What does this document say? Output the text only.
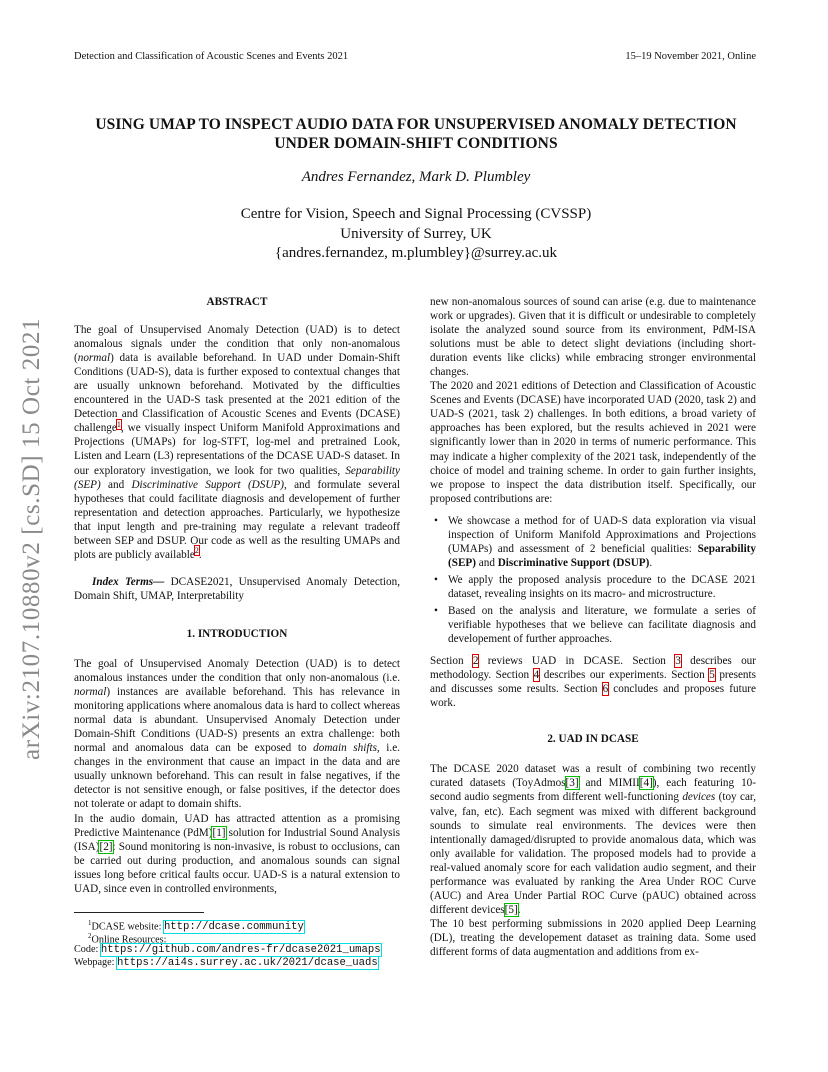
Detection and Classification of Acoustic Scenes and Events 2021	15–19 November 2021, Online
USING UMAP TO INSPECT AUDIO DATA FOR UNSUPERVISED ANOMALY DETECTION
UNDER DOMAIN-SHIFT CONDITIONS
Andres Fernandez, Mark D. Plumbley
Centre for Vision, Speech and Signal Processing (CVSSP)
University of Surrey, UK
{andres.fernandez, m.plumbley}@surrey.ac.uk
arXiv:2107.10880v2 [cs.SD] 15 Oct 2021

ABSTRACT

The goal of Unsupervised Anomaly Detection (UAD) is to detect anomalous signals under the condition that only non-anomalous (normal) data is available beforehand. In UAD under Domain-Shift Conditions (UAD-S), data is further exposed to contextual changes that are usually unknown beforehand. Motivated by the difficulties encountered in the UAD-S task presented at the 2021 edition of the Detection and Classification of Acoustic Scenes and Events (DCASE) challenge$^1$, we visually inspect Uniform Manifold Approximations and Projections (UMAPs) for log-STFT, log-mel and pretrained Look, Listen and Learn (L3) representations of the DCASE UAD-S dataset. In our exploratory investigation, we look for two qualities, Separability (SEP) and Discriminative Support (DSUP), and formulate several hypotheses that could facilitate diagnosis and developement of further representation and detection approaches. Particularly, we hypothesize that input length and pre-training may regulate a relevant tradeoff between SEP and DSUP. Our code as well as the resulting UMAPs and plots are publicly available$^2$.

Index Terms— DCASE2021, Unsupervised Anomaly Detection, Domain Shift, UMAP, Interpretability

1. INTRODUCTION

The goal of Unsupervised Anomaly Detection (UAD) is to detect anomalous instances under the condition that only non-anomalous (i.e. normal) instances are available beforehand. This has relevance in monitoring applications where anomalous data is hard to collect whereas normal data is abundant. Unsupervised Anomaly Detection under Domain-Shift Conditions (UAD-S) presents an extra challenge: both normal and anomalous data can be exposed to domain shifts, i.e. changes in the environment that cause an impact in the data and are usually unknown beforehand. This can result in false negatives, if the detector is not sensitive enough, or false positives, if the detector does not tolerate or adapt to domain shifts.

In the audio domain, UAD has attracted attention as a promising Predictive Maintenance (PdM)[1] solution for Industrial Sound Analysis (ISA)[2]: Sound monitoring is non-invasive, is robust to occlusions, can be carried out during production, and anomalous sounds can signal issues long before critical faults occur. UAD-S is a natural extension to UAD, since even in controlled environments,

$^1$DCASE website: http://dcase.community
$^2$Online Resources:
Code: https://github.com/andres-fr/dcase2021_umaps
Webpage: https://ai4s.surrey.ac.uk/2021/dcase_uads

new non-anomalous sources of sound can arise (e.g. due to maintenance work or upgrades). Given that it is difficult or undesirable to completely isolate the analyzed sound source from its environment, PdM-ISA solutions must be able to detect slight deviations (including short-duration events like clicks) while embracing stronger environmental changes.

The 2020 and 2021 editions of Detection and Classification of Acoustic Scenes and Events (DCASE) have incorporated UAD (2020, task 2) and UAD-S (2021, task 2) challenges. In both editions, a broad variety of approaches has been explored, but the results achieved in 2021 were significantly lower than in 2020 in terms of numeric performance. This may indicate a higher complexity of the 2021 task, independently of the choice of model and training scheme. In order to gain further insights, we propose to inspect the data distribution itself. Specifically, our proposed contributions are:

• We showcase a method for of UAD-S data exploration via visual inspection of Uniform Manifold Approximations and Projections (UMAPs) and assessment of 2 beneficial qualities: Separability (SEP) and Discriminative Support (DSUP).
• We apply the proposed analysis procedure to the DCASE 2021 dataset, revealing insights on its macro- and microstructure.
• Based on the analysis and literature, we formulate a series of verifiable hypotheses that we believe can facilitate diagnosis and developement of further approaches.

Section 2 reviews UAD in DCASE. Section 3 describes our methodology. Section 4 describes our experiments. Section 5 presents and discusses some results. Section 6 concludes and proposes future work.

2. UAD IN DCASE

The DCASE 2020 dataset was a result of combining two recently curated datasets (ToyAdmos[3] and MIMII[4]), each featuring 10-second audio segments from different well-functioning devices (toy car, valve, fan, etc). Each segment was mixed with different background sounds to simulate real environments. The devices were then intentionally damaged/disrupted to provide anomalous data, which was only available for validation. The proposed models had to provide a real-valued anomaly score for each validation audio segment, and their performance was evaluated by ranking the Area Under ROC Curve (AUC) and Area Under Partial ROC Curve (pAUC) obtained across different devices[5].

The 10 best performing submissions in 2020 applied Deep Learning (DL), treating the developement dataset as training data. Some used different forms of data augmentation and additions from ex-
